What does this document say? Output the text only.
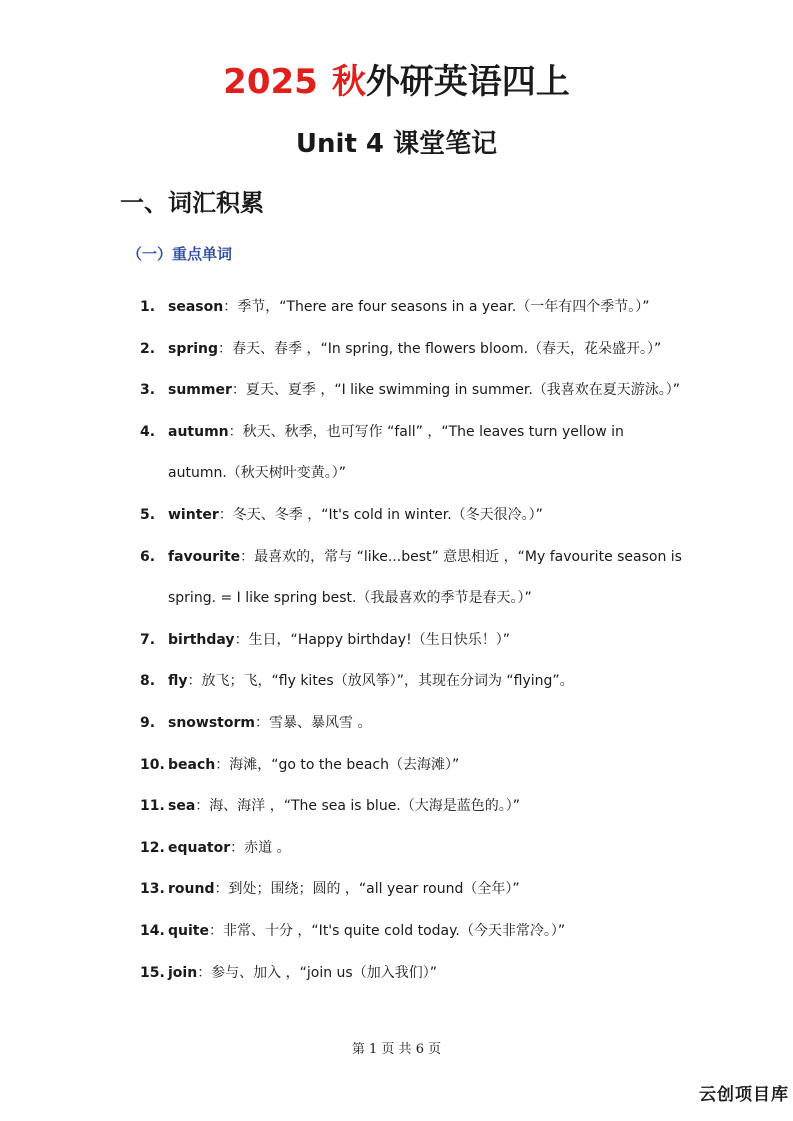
2025 秋外研英语四上
Unit 4 课堂笔记
一、词汇积累
（一）重点单词
1. season：季节，“There are four seasons in a year.（一年有四个季节。）”
2. spring：春天、春季 ，“In spring, the flowers bloom.（春天，花朵盛开。）”
3. summer：夏天、夏季 ，“I like swimming in summer.（我喜欢在夏天游泳。）”
4. autumn：秋天、秋季，也可写作 “fall” ，“The leaves turn yellow in autumn.（秋天树叶变黄。）”
5. winter：冬天、冬季 ，“It's cold in winter.（冬天很冷。）”
6. favourite：最喜欢的，常与 “like...best” 意思相近 ，“My favourite season is spring. = I like spring best.（我最喜欢的季节是春天。）”
7. birthday：生日，“Happy birthday!（生日快乐！）”
8. fly：放飞；飞，“fly kites（放风筝）”，其现在分词为 “flying”。
9. snowstorm：雪暴、暴风雪 。
10. beach：海滩，“go to the beach（去海滩）”
11. sea：海、海洋 ，“The sea is blue.（大海是蓝色的。）”
12. equator：赤道 。
13. round：到处；围绕；圆的 ，“all year round（全年）”
14. quite：非常、十分 ，“It's quite cold today.（今天非常冷。）”
15. join：参与、加入 ，“join us（加入我们）”
第 1 页 共 6 页
云创项目库
